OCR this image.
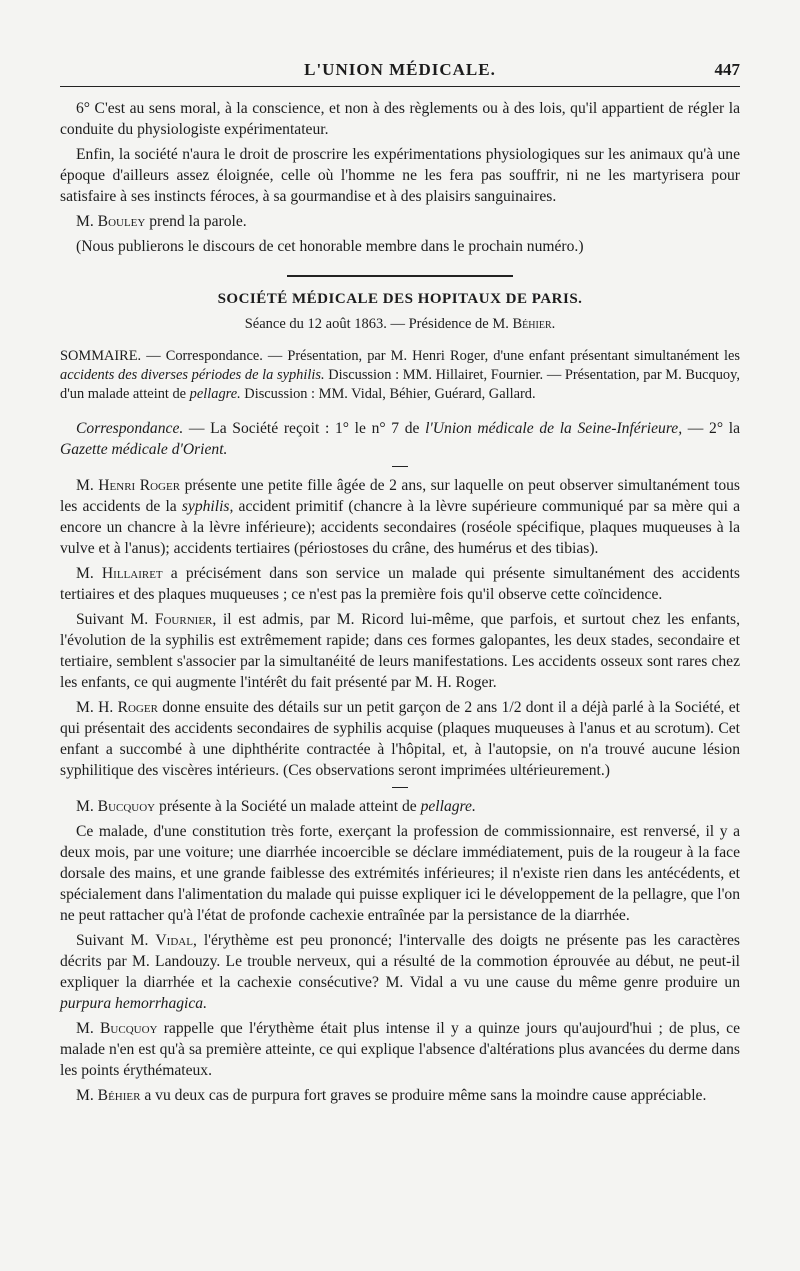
L'UNION MÉDICALE.	447

6° C'est au sens moral, à la conscience, et non à des règlements ou à des lois, qu'il appartient de régler la conduite du physiologiste expérimentateur.

Enfin, la société n'aura le droit de proscrire les expérimentations physiologiques sur les animaux qu'à une époque d'ailleurs assez éloignée, celle où l'homme ne les fera pas souffrir, ni ne les martyrisera pour satisfaire à ses instincts féroces, à sa gourmandise et à des plaisirs sanguinaires.

M. Bouley prend la parole.

(Nous publierons le discours de cet honorable membre dans le prochain numéro.)

SOCIÉTÉ MÉDICALE DES HOPITAUX DE PARIS.
Séance du 12 août 1863. — Présidence de M. Béhier.

SOMMAIRE. — Correspondance. — Présentation, par M. Henri Roger, d'une enfant présentant simultanément les accidents des diverses périodes de la syphilis. Discussion : MM. Hillairet, Fournier. — Présentation, par M. Bucquoy, d'un malade atteint de pellagre. Discussion : MM. Vidal, Béhier, Guérard, Gallard.

Correspondance. — La Société reçoit : 1° le n° 7 de l'Union médicale de la Seine-Inférieure, — 2° la Gazette médicale d'Orient.

M. Henri Roger présente une petite fille âgée de 2 ans, sur laquelle on peut observer simultanément tous les accidents de la syphilis, accident primitif (chancre à la lèvre supérieure communiqué par sa mère qui a encore un chancre à la lèvre inférieure); accidents secondaires (roséole spécifique, plaques muqueuses à la vulve et à l'anus); accidents tertiaires (périostoses du crâne, des humérus et des tibias).

M. Hillairet a précisément dans son service un malade qui présente simultanément des accidents tertiaires et des plaques muqueuses ; ce n'est pas la première fois qu'il observe cette coïncidence.

Suivant M. Fournier, il est admis, par M. Ricord lui-même, que parfois, et surtout chez les enfants, l'évolution de la syphilis est extrêmement rapide; dans ces formes galopantes, les deux stades, secondaire et tertiaire, semblent s'associer par la simultanéité de leurs manifestations. Les accidents osseux sont rares chez les enfants, ce qui augmente l'intérêt du fait présenté par M. H. Roger.

M. H. Roger donne ensuite des détails sur un petit garçon de 2 ans 1/2 dont il a déjà parlé à la Société, et qui présentait des accidents secondaires de syphilis acquise (plaques muqueuses à l'anus et au scrotum). Cet enfant a succombé à une diphthérite contractée à l'hôpital, et, à l'autopsie, on n'a trouvé aucune lésion syphilitique des viscères intérieurs. (Ces observations seront imprimées ultérieurement.)

M. Bucquoy présente à la Société un malade atteint de pellagre.

Ce malade, d'une constitution très forte, exerçant la profession de commissionnaire, est renversé, il y a deux mois, par une voiture; une diarrhée incoercible se déclare immédiatement, puis de la rougeur à la face dorsale des mains, et une grande faiblesse des extrémités inférieures; il n'existe rien dans les antécédents, et spécialement dans l'alimentation du malade qui puisse expliquer ici le développement de la pellagre, que l'on ne peut rattacher qu'à l'état de profonde cachexie entraînée par la persistance de la diarrhée.

Suivant M. Vidal, l'érythème est peu prononcé; l'intervalle des doigts ne présente pas les caractères décrits par M. Landouzy. Le trouble nerveux, qui a résulté de la commotion éprouvée au début, ne peut-il expliquer la diarrhée et la cachexie consécutive? M. Vidal a vu une cause du même genre produire un purpura hemorrhagica.

M. Bucquoy rappelle que l'érythème était plus intense il y a quinze jours qu'aujourd'hui ; de plus, ce malade n'en est qu'à sa première atteinte, ce qui explique l'absence d'altérations plus avancées du derme dans les points érythémateux.

M. Béhier a vu deux cas de purpura fort graves se produire même sans la moindre cause appréciable.
